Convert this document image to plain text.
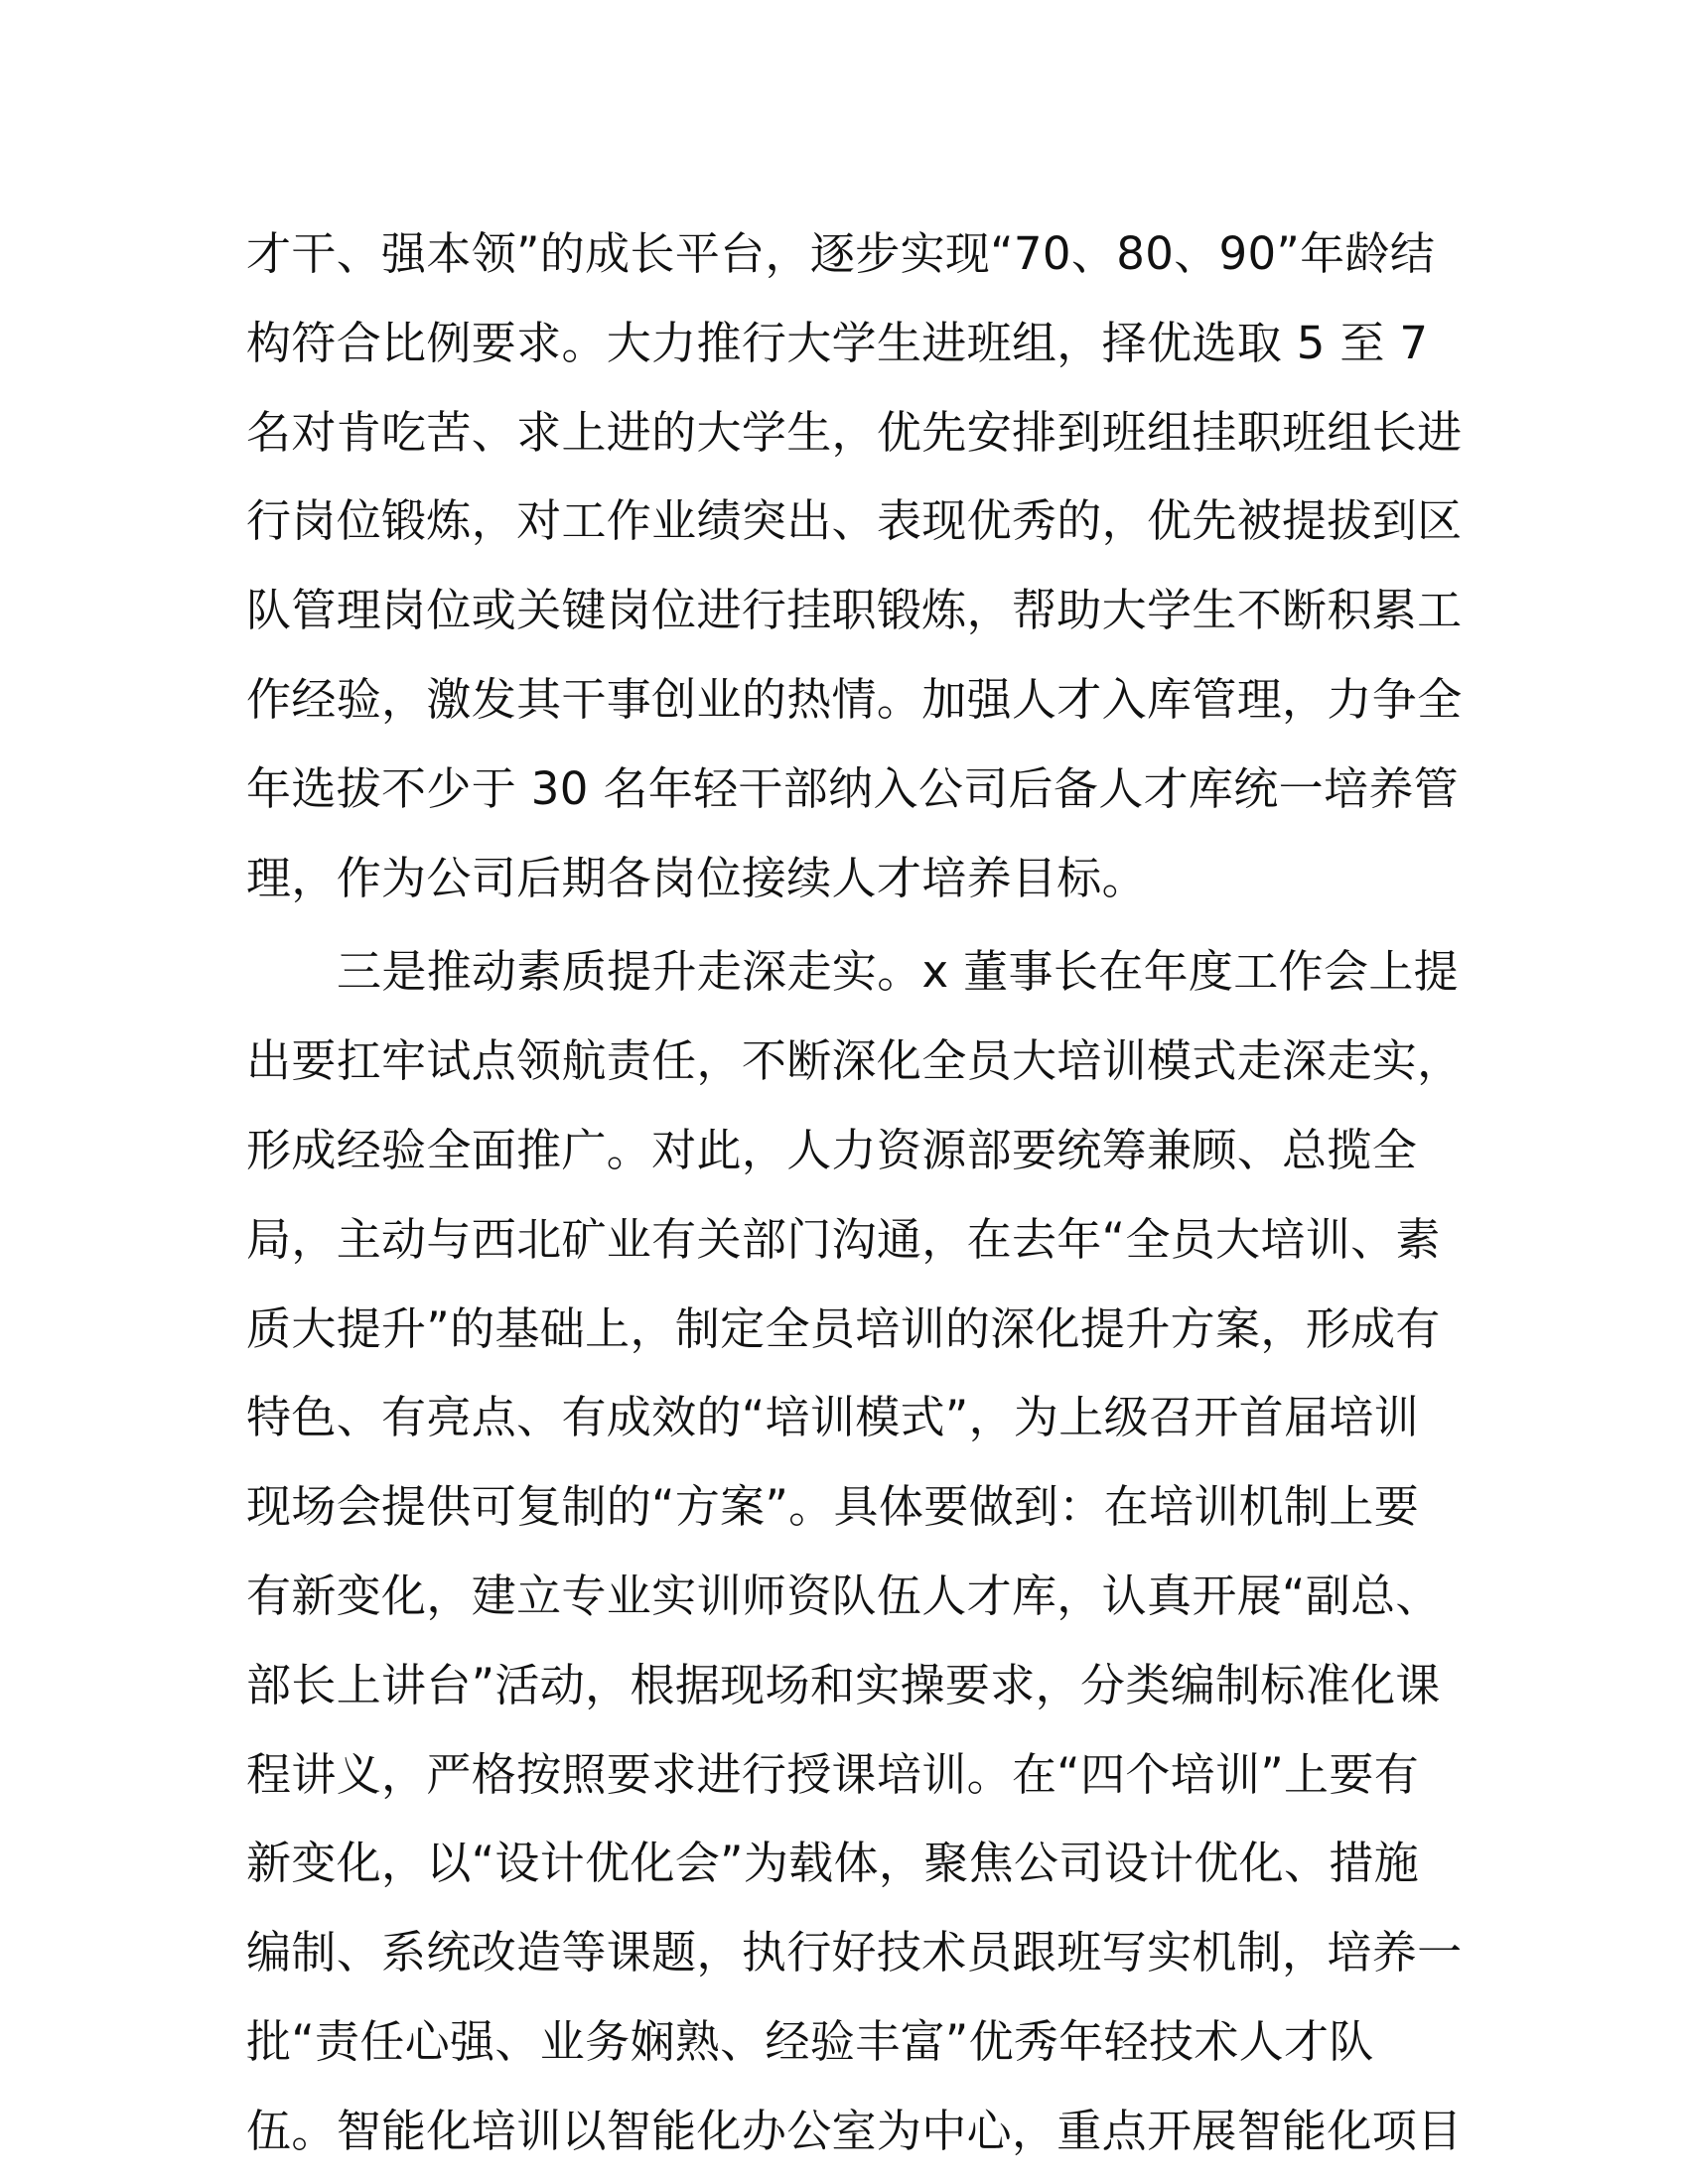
才干、强本领”的成长平台，逐步实现“70、80、90”年龄结
构符合比例要求。大力推行大学生进班组，择优选取 5 至 7
名对肯吃苦、求上进的大学生，优先安排到班组挂职班组长进
行岗位锻炼，对工作业绩突出、表现优秀的，优先被提拔到区
队管理岗位或关键岗位进行挂职锻炼，帮助大学生不断积累工
作经验，激发其干事创业的热情。加强人才入库管理，力争全
年选拔不少于 30 名年轻干部纳入公司后备人才库统一培养管
理，作为公司后期各岗位接续人才培养目标。
三是推动素质提升走深走实。x 董事长在年度工作会上提
出要扛牢试点领航责任，不断深化全员大培训模式走深走实，
形成经验全面推广。对此，人力资源部要统筹兼顾、总揽全
局，主动与西北矿业有关部门沟通，在去年“全员大培训、素
质大提升”的基础上，制定全员培训的深化提升方案，形成有
特色、有亮点、有成效的“培训模式”，为上级召开首届培训
现场会提供可复制的“方案”。具体要做到：在培训机制上要
有新变化，建立专业实训师资队伍人才库，认真开展“副总、
部长上讲台”活动，根据现场和实操要求，分类编制标准化课
程讲义，严格按照要求进行授课培训。在“四个培训”上要有
新变化，以“设计优化会”为载体，聚焦公司设计优化、措施
编制、系统改造等课题，执行好技术员跟班写实机制，培养一
批“责任心强、业务娴熟、经验丰富”优秀年轻技术人才队
伍。智能化培训以智能化办公室为中心，重点开展智能化项目
